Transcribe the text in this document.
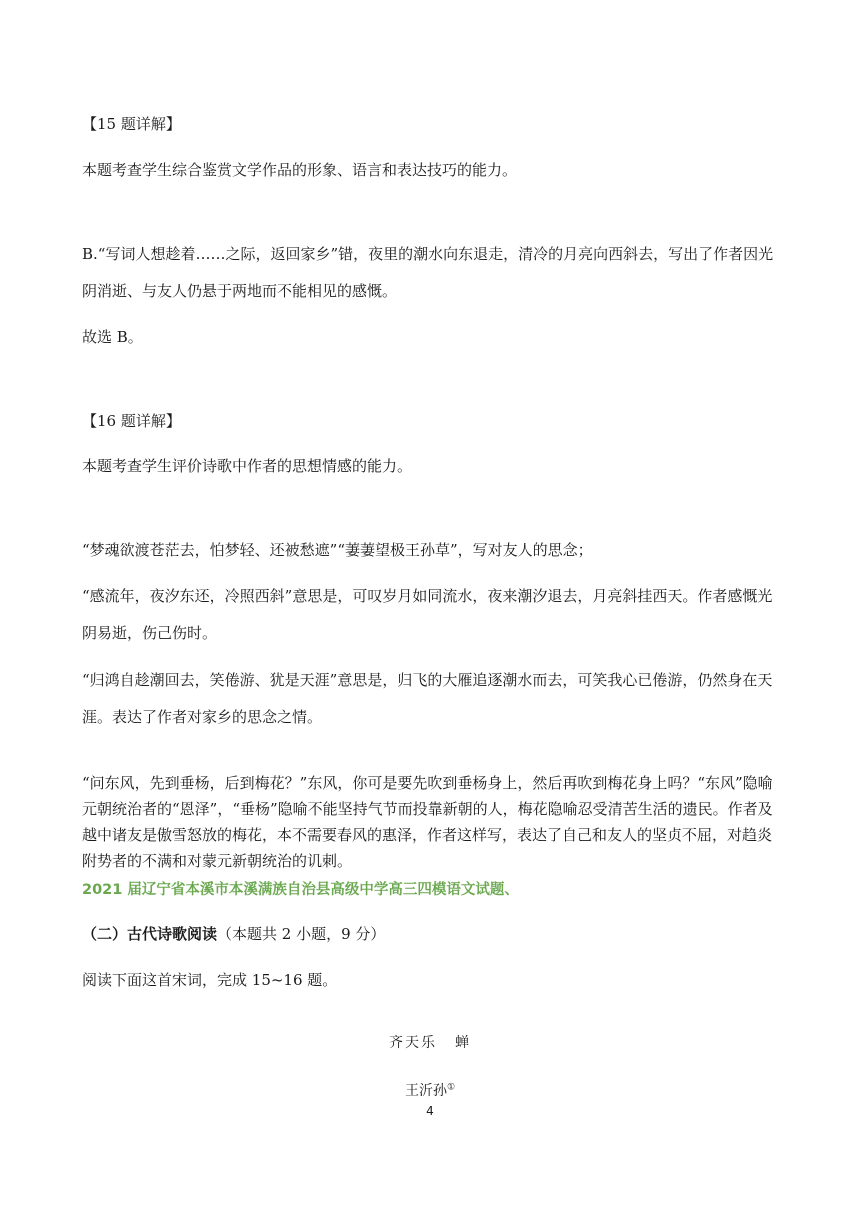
【15 题详解】

本题考查学生综合鉴赏文学作品的形象、语言和表达技巧的能力。

B.“写词人想趁着……之际，返回家乡”错，夜里的潮水向东退走，清冷的月亮向西斜去，写出了作者因光阴消逝、与友人仍悬于两地而不能相见的感慨。

故选 B。

【16 题详解】

本题考查学生评价诗歌中作者的思想情感的能力。

“梦魂欲渡苍茫去，怕梦轻、还被愁遮”“萋萋望极王孙草”，写对友人的思念；

“感流年，夜汐东还，冷照西斜”意思是，可叹岁月如同流水，夜来潮汐退去，月亮斜挂西天。作者感慨光阴易逝，伤己伤时。

“归鸿自趁潮回去，笑倦游、犹是天涯”意思是，归飞的大雁追逐潮水而去，可笑我心已倦游，仍然身在天涯。表达了作者对家乡的思念之情。

“问东风，先到垂杨，后到梅花？”东风，你可是要先吹到垂杨身上，然后再吹到梅花身上吗？“东风”隐喻元朝统治者的“恩泽”，“垂杨”隐喻不能坚持气节而投靠新朝的人，梅花隐喻忍受清苦生活的遗民。作者及越中诸友是傲雪怒放的梅花，本不需要春风的惠泽，作者这样写，表达了自己和友人的坚贞不屈，对趋炎附势者的不满和对蒙元新朝统治的讥刺。

2021 届辽宁省本溪市本溪满族自治县高级中学高三四模语文试题、

（二）古代诗歌阅读（本题共 2 小题，9 分）

阅读下面这首宋词，完成 15~16 题。

齐天乐 蝉

王沂孙①

4
